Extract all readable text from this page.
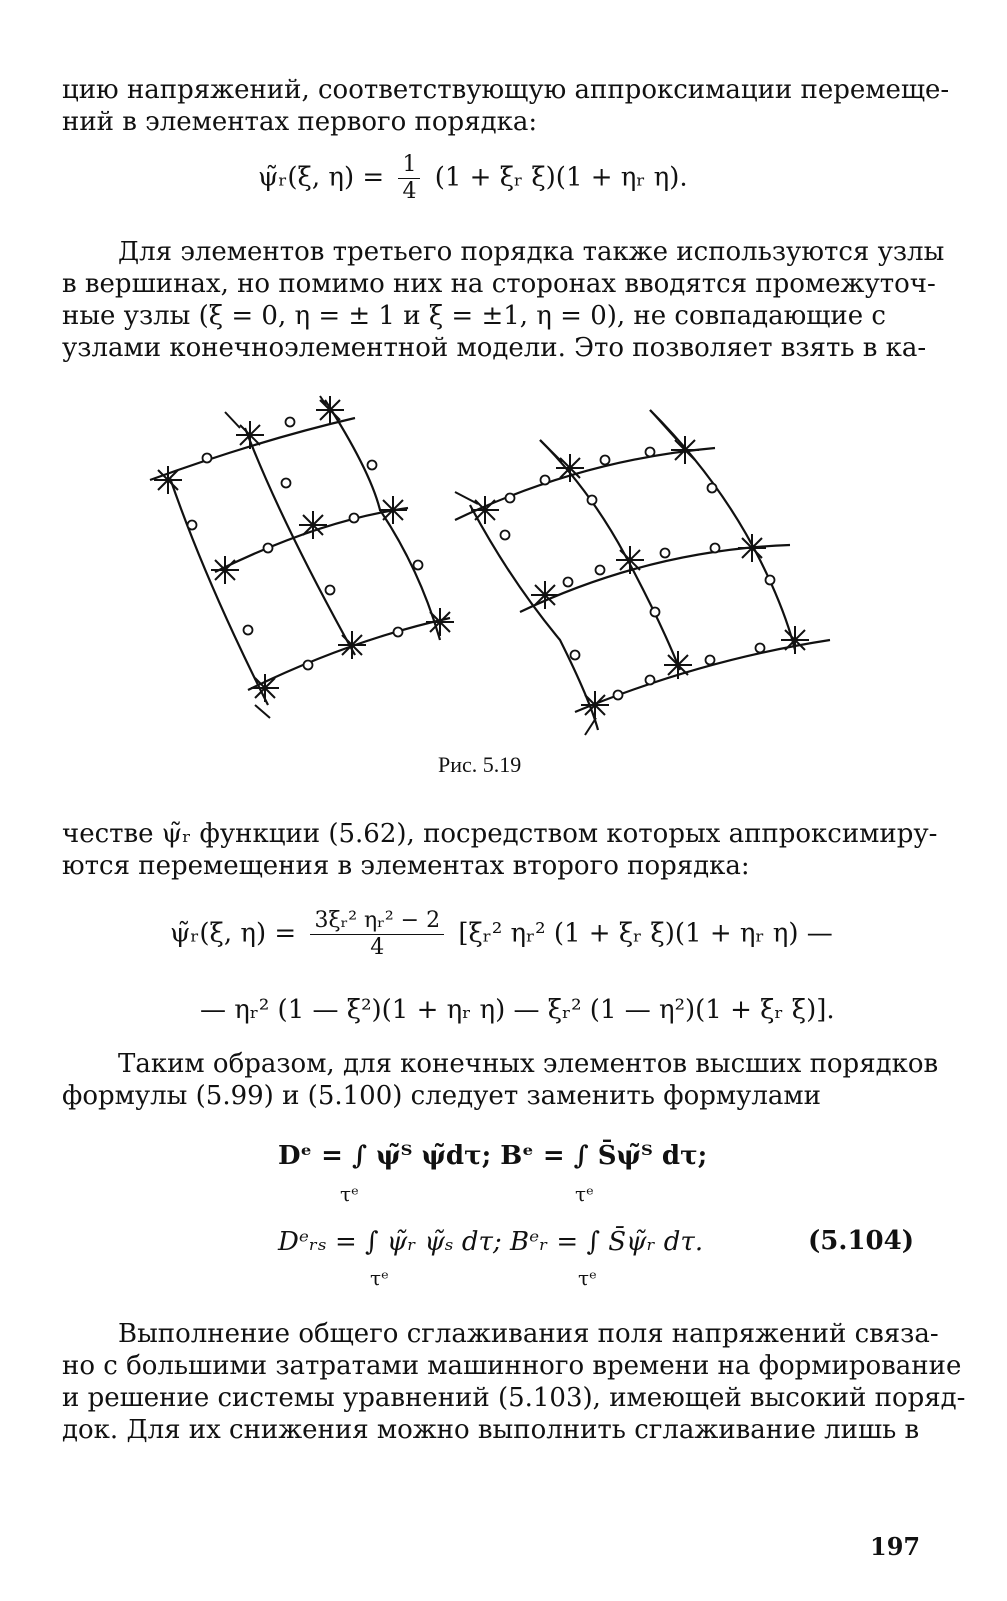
цию напряжений, соответствующую аппроксимации перемеще-
ний в элементах первого порядка:

ψ̃ᵣ(ξ, $\eta) = \frac{1}{4} (1$ + ξᵣ ξ)(1 + ηᵣ η).

Для элементов третьего порядка также используются узлы
в вершинах, но помимо них на сторонах вводятся промежуточ-
ные узлы (ξ = 0, η = ± 1 и ξ = ±1, η = 0), не совпадающие с
узлами конечноэлементной модели. Это позволяет взять в ка-

Рис. 5.19

честве ψ̃ᵣ функции (5.62), посредством которых аппроксимиру-
ются перемещения в элементах второго порядка:

ψ̃ᵣ(ξ, $\eta) = \frac{\text{3ξᵣ² ηᵣ² − 2}}{4}$ [ξᵣ² ηᵣ² (1 + ξᵣ ξ)(1 + ηᵣ η) —
— ηᵣ² (1 — ξ²)(1 + ηᵣ η) — ξᵣ² (1 — η²)(1 + ξᵣ ξ)].

Таким образом, для конечных элементов высших порядков
формулы (5.99) и (5.100) следует заменить формулами

Dᵉ = ∫ ψ̃ᵀ ψ̃dτ; Bᵉ = ∫ S̄ψ̃ᵀ dτ;
τᵉ	τᵉ
Dᵉᵣₛ = ∫ ψ̃ᵣ ψ̃ₛ dτ; Bᵉᵣ = ∫ S̄ψ̃ᵣ dτ.
τᵉ	τᵉ
(5.104)

Выполнение общего сглаживания поля напряжений связа-
но с большими затратами машинного времени на формирование
и решение системы уравнений (5.103), имеющей высокий поряд-
док. Для их снижения можно выполнить сглаживание лишь в

197
